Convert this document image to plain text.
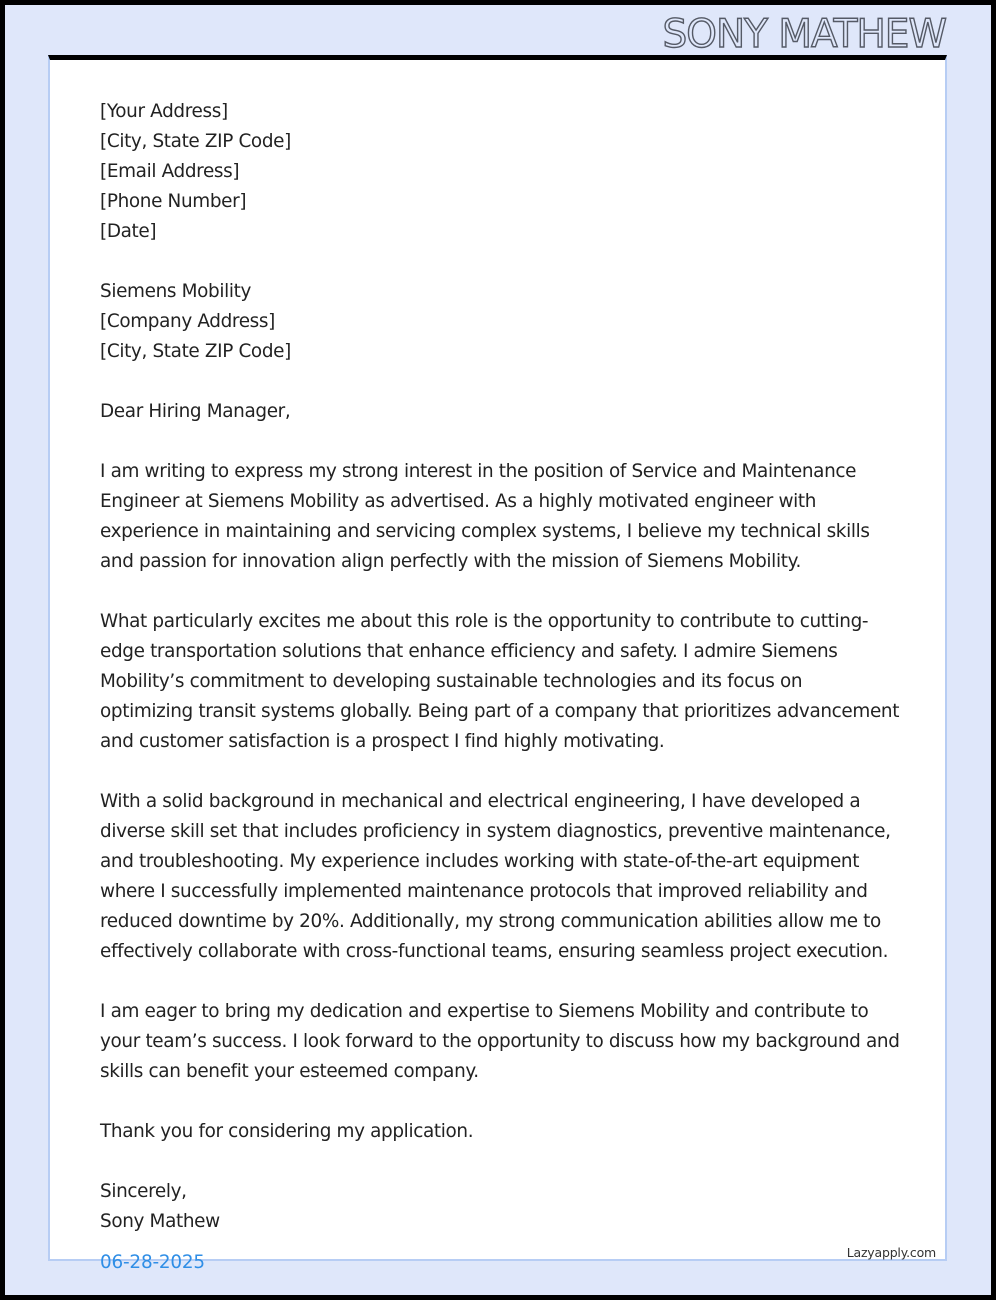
SONY MATHEW
[Your Address]
[City, State ZIP Code]
[Email Address]
[Phone Number]
[Date]
Siemens Mobility
[Company Address]
[City, State ZIP Code]
Dear Hiring Manager,

I am writing to express my strong interest in the position of Service and Maintenance Engineer at Siemens Mobility as advertised. As a highly motivated engineer with experience in maintaining and servicing complex systems, I believe my technical skills and passion for innovation align perfectly with the mission of Siemens Mobility.

What particularly excites me about this role is the opportunity to contribute to cutting-edge transportation solutions that enhance efficiency and safety. I admire Siemens Mobility’s commitment to developing sustainable technologies and its focus on optimizing transit systems globally. Being part of a company that prioritizes advancement and customer satisfaction is a prospect I find highly motivating.

With a solid background in mechanical and electrical engineering, I have developed a diverse skill set that includes proficiency in system diagnostics, preventive maintenance, and troubleshooting. My experience includes working with state-of-the-art equipment where I successfully implemented maintenance protocols that improved reliability and reduced downtime by 20%. Additionally, my strong communication abilities allow me to effectively collaborate with cross-functional teams, ensuring seamless project execution.

I am eager to bring my dedication and expertise to Siemens Mobility and contribute to your team’s success. I look forward to the opportunity to discuss how my background and skills can benefit your esteemed company.

Thank you for considering my application.

Sincerely,
Sony Mathew
06-28-2025	Lazyapply.com
